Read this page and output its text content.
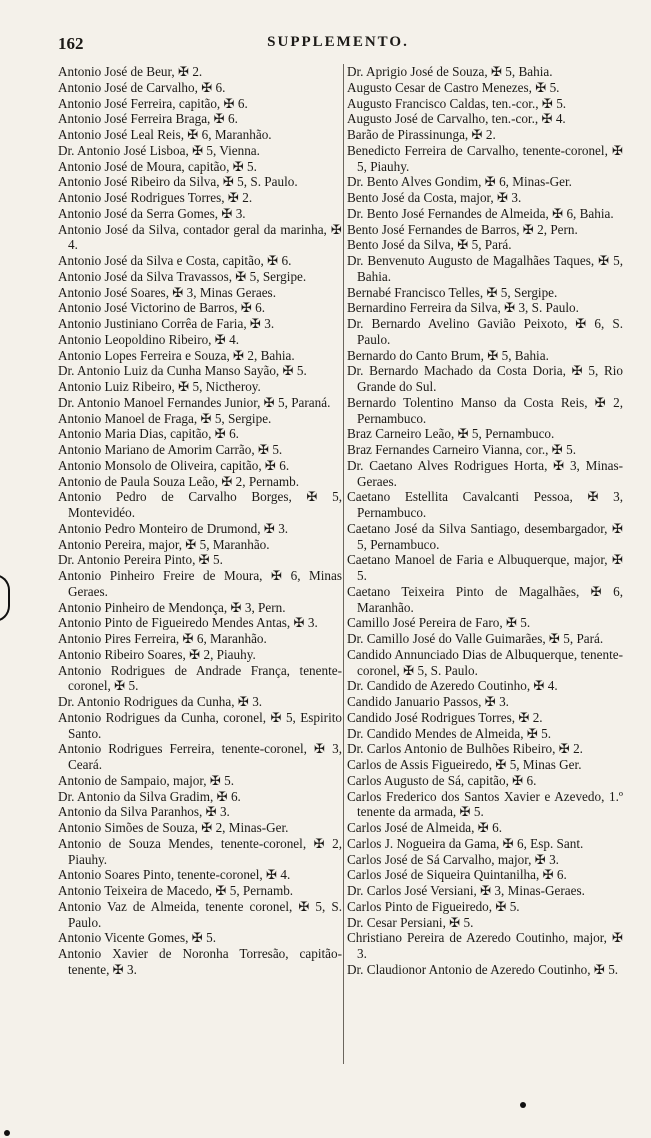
162	SUPPLEMENTO.

Antonio José de Beur, ✠ 2.

Antonio José de Carvalho, ✠ 6.

Antonio José Ferreira, capitão, ✠ 6.

Antonio José Ferreira Braga, ✠ 6.

Antonio José Leal Reis, ✠ 6, Maranhão.

Dr. Antonio José Lisboa, ✠ 5, Vienna.

Antonio José de Moura, capitão, ✠ 5.

Antonio José Ribeiro da Silva, ✠ 5, S. Paulo.

Antonio José Rodrigues Torres, ✠ 2.

Antonio José da Serra Gomes, ✠ 3.

Antonio José da Silva, contador geral da marinha, ✠ 4.

Antonio José da Silva e Costa, capitão, ✠ 6.

Antonio José da Silva Travassos, ✠ 5, Sergipe.

Antonio José Soares, ✠ 3, Minas Geraes.

Antonio José Victorino de Barros, ✠ 6.

Antonio Justiniano Corrêa de Faria, ✠ 3.

Antonio Leopoldino Ribeiro, ✠ 4.

Antonio Lopes Ferreira e Souza, ✠ 2, Bahia.

Dr. Antonio Luiz da Cunha Manso Sayão, ✠ 5.

Antonio Luiz Ribeiro, ✠ 5, Nictheroy.

Dr. Antonio Manoel Fernandes Junior, ✠ 5, Paraná.

Antonio Manoel de Fraga, ✠ 5, Sergipe.

Antonio Maria Dias, capitão, ✠ 6.

Antonio Mariano de Amorim Carrão, ✠ 5.

Antonio Monsolo de Oliveira, capitão, ✠ 6.

Antonio de Paula Souza Leão, ✠ 2, Pernamb.

Antonio Pedro de Carvalho Borges, ✠ 5, Montevidéo.

Antonio Pedro Monteiro de Drumond, ✠ 3.

Antonio Pereira, major, ✠ 5, Maranhão.

Dr. Antonio Pereira Pinto, ✠ 5.

Antonio Pinheiro Freire de Moura, ✠ 6, Minas Geraes.

Antonio Pinheiro de Mendonça, ✠ 3, Pern.

Antonio Pinto de Figueiredo Mendes Antas, ✠ 3.

Antonio Pires Ferreira, ✠ 6, Maranhão.

Antonio Ribeiro Soares, ✠ 2, Piauhy.

Antonio Rodrigues de Andrade França, tenente-coronel, ✠ 5.

Dr. Antonio Rodrigues da Cunha, ✠ 3.

Antonio Rodrigues da Cunha, coronel, ✠ 5, Espirito Santo.

Antonio Rodrigues Ferreira, tenente-coronel, ✠ 3, Ceará.

Antonio de Sampaio, major, ✠ 5.

Dr. Antonio da Silva Gradim, ✠ 6.

Antonio da Silva Paranhos, ✠ 3.

Antonio Simões de Souza, ✠ 2, Minas-Ger.

Antonio de Souza Mendes, tenente-coronel, ✠ 2, Piauhy.

Antonio Soares Pinto, tenente-coronel, ✠ 4.

Antonio Teixeira de Macedo, ✠ 5, Pernamb.

Antonio Vaz de Almeida, tenente coronel, ✠ 5, S. Paulo.

Antonio Vicente Gomes, ✠ 5.

Antonio Xavier de Noronha Torresão, capitão-tenente, ✠ 3.

Dr. Aprigio José de Souza, ✠ 5, Bahia.

Augusto Cesar de Castro Menezes, ✠ 5.

Augusto Francisco Caldas, ten.-cor., ✠ 5.

Augusto José de Carvalho, ten.-cor., ✠ 4.

Barão de Pirassinunga, ✠ 2.

Benedicto Ferreira de Carvalho, tenente-coronel, ✠ 5, Piauhy.

Dr. Bento Alves Gondim, ✠ 6, Minas-Ger.

Bento José da Costa, major, ✠ 3.

Dr. Bento José Fernandes de Almeida, ✠ 6, Bahia.

Bento José Fernandes de Barros, ✠ 2, Pern.

Bento José da Silva, ✠ 5, Pará.

Dr. Benvenuto Augusto de Magalhães Taques, ✠ 5, Bahia.

Bernabé Francisco Telles, ✠ 5, Sergipe.

Bernardino Ferreira da Silva, ✠ 3, S. Paulo.

Dr. Bernardo Avelino Gavião Peixoto, ✠ 6, S. Paulo.

Bernardo do Canto Brum, ✠ 5, Bahia.

Dr. Bernardo Machado da Costa Doria, ✠ 5, Rio Grande do Sul.

Bernardo Tolentino Manso da Costa Reis, ✠ 2, Pernambuco.

Braz Carneiro Leão, ✠ 5, Pernambuco.

Braz Fernandes Carneiro Vianna, cor., ✠ 5.

Dr. Caetano Alves Rodrigues Horta, ✠ 3, Minas-Geraes.

Caetano Estellita Cavalcanti Pessoa, ✠ 3, Pernambuco.

Caetano José da Silva Santiago, desembargador, ✠ 5, Pernambuco.

Caetano Manoel de Faria e Albuquerque, major, ✠ 5.

Caetano Teixeira Pinto de Magalhães, ✠ 6, Maranhão.

Camillo José Pereira de Faro, ✠ 5.

Dr. Camillo José do Valle Guimarães, ✠ 5, Pará.

Candido Annunciado Dias de Albuquerque, tenente-coronel, ✠ 5, S. Paulo.

Dr. Candido de Azeredo Coutinho, ✠ 4.

Candido Januario Passos, ✠ 3.

Candido José Rodrigues Torres, ✠ 2.

Dr. Candido Mendes de Almeida, ✠ 5.

Dr. Carlos Antonio de Bulhões Ribeiro, ✠ 2.

Carlos de Assis Figueiredo, ✠ 5, Minas Ger.

Carlos Augusto de Sá, capitão, ✠ 6.

Carlos Frederico dos Santos Xavier e Azevedo, 1.º tenente da armada, ✠ 5.

Carlos José de Almeida, ✠ 6.

Carlos J. Nogueira da Gama, ✠ 6, Esp. Sant.

Carlos José de Sá Carvalho, major, ✠ 3.

Carlos José de Siqueira Quintanilha, ✠ 6.

Dr. Carlos José Versiani, ✠ 3, Minas-Geraes.

Carlos Pinto de Figueiredo, ✠ 5.

Dr. Cesar Persiani, ✠ 5.

Christiano Pereira de Azeredo Coutinho, major, ✠ 3.

Dr. Claudionor Antonio de Azeredo Coutinho, ✠ 5.
